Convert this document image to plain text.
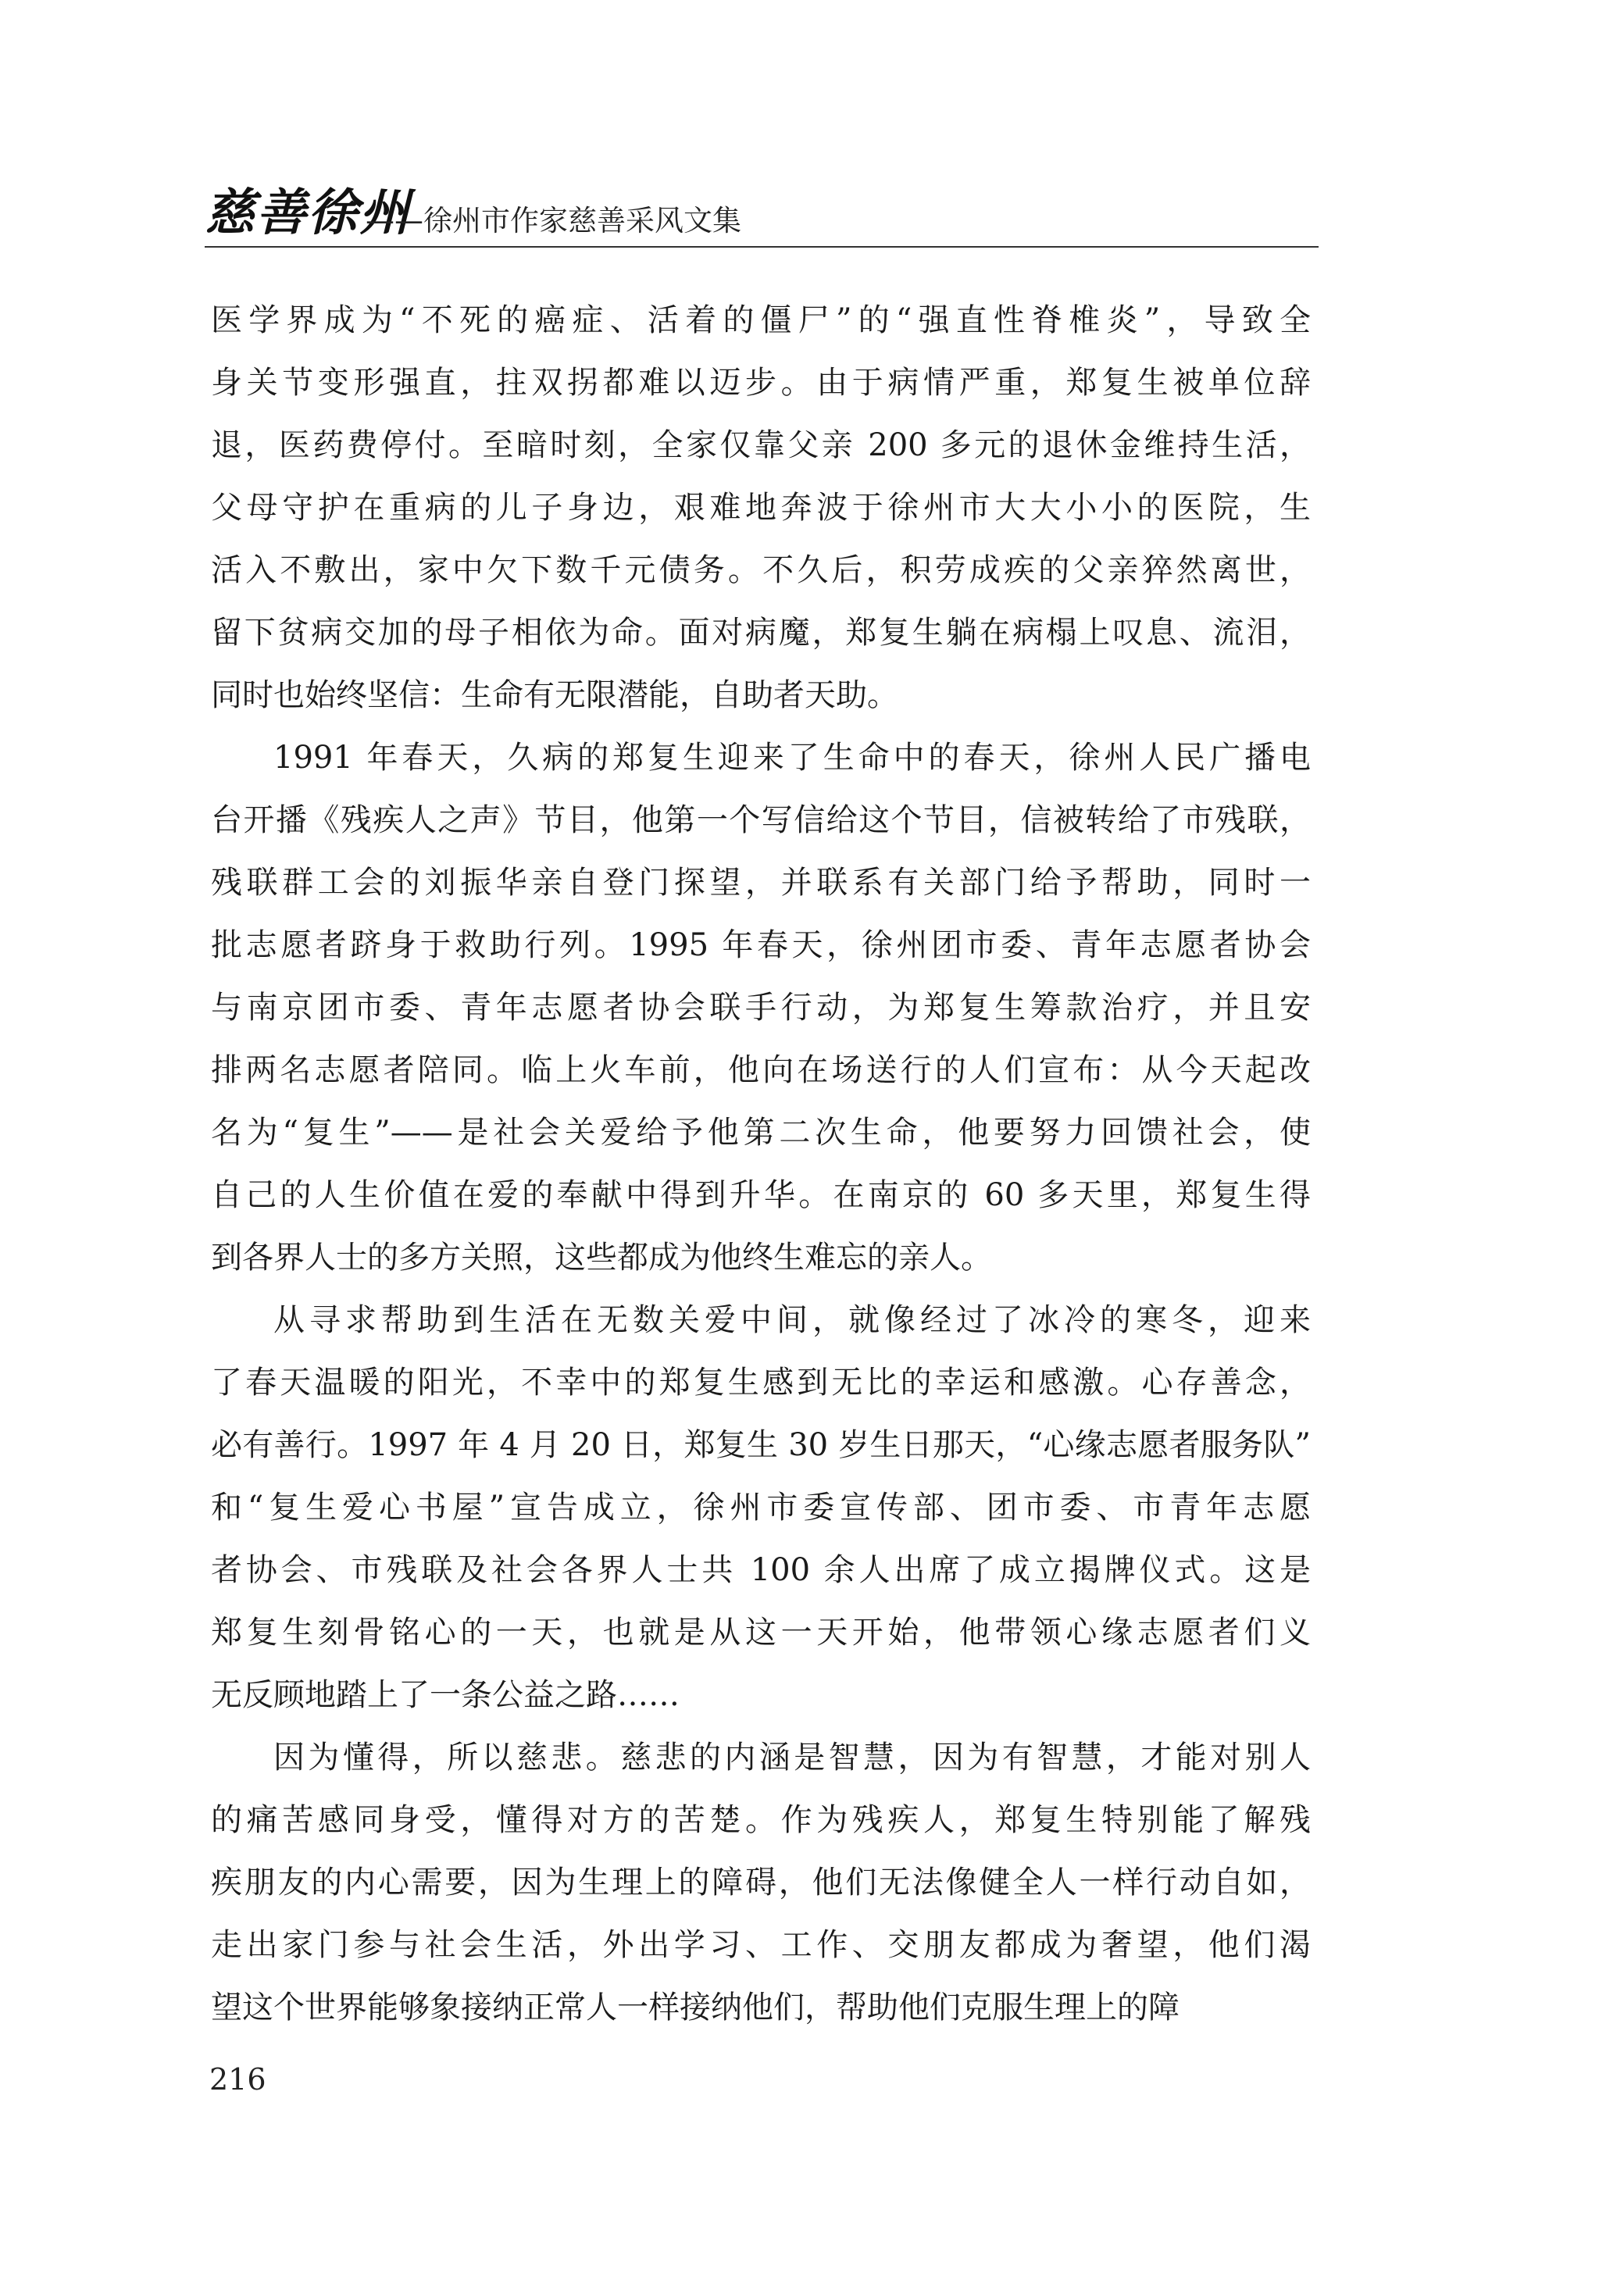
慈善徐州
——徐州市作家慈善采风文集
医学界成为“不死的癌症、活着的僵尸”的“强直性脊椎炎”，导致全
身关节变形强直，拄双拐都难以迈步。由于病情严重，郑复生被单位辞
退，医药费停付。至暗时刻，全家仅靠父亲 200 多元的退休金维持生活，
父母守护在重病的儿子身边，艰难地奔波于徐州市大大小小的医院，生
活入不敷出，家中欠下数千元债务。不久后，积劳成疾的父亲猝然离世，
留下贫病交加的母子相依为命。面对病魔，郑复生躺在病榻上叹息、流泪，
同时也始终坚信：生命有无限潜能，自助者天助。
1991 年春天，久病的郑复生迎来了生命中的春天，徐州人民广播电
台开播《残疾人之声》节目，他第一个写信给这个节目，信被转给了市残联，
残联群工会的刘振华亲自登门探望，并联系有关部门给予帮助，同时一
批志愿者跻身于救助行列。1995 年春天，徐州团市委、青年志愿者协会
与南京团市委、青年志愿者协会联手行动，为郑复生筹款治疗，并且安
排两名志愿者陪同。临上火车前，他向在场送行的人们宣布：从今天起改
名为“复生”——是社会关爱给予他第二次生命，他要努力回馈社会，使
自己的人生价值在爱的奉献中得到升华。在南京的 60 多天里，郑复生得
到各界人士的多方关照，这些都成为他终生难忘的亲人。
从寻求帮助到生活在无数关爱中间，就像经过了冰冷的寒冬，迎来
了春天温暖的阳光，不幸中的郑复生感到无比的幸运和感激。心存善念，
必有善行。1997 年 4 月 20 日，郑复生 30 岁生日那天，“心缘志愿者服务队”
和“复生爱心书屋”宣告成立，徐州市委宣传部、团市委、市青年志愿
者协会、市残联及社会各界人士共 100 余人出席了成立揭牌仪式。这是
郑复生刻骨铭心的一天，也就是从这一天开始，他带领心缘志愿者们义
无反顾地踏上了一条公益之路……
因为懂得，所以慈悲。慈悲的内涵是智慧，因为有智慧，才能对别人
的痛苦感同身受，懂得对方的苦楚。作为残疾人，郑复生特别能了解残
疾朋友的内心需要，因为生理上的障碍，他们无法像健全人一样行动自如，
走出家门参与社会生活，外出学习、工作、交朋友都成为奢望，他们渴
望这个世界能够象接纳正常人一样接纳他们，帮助他们克服生理上的障
216
